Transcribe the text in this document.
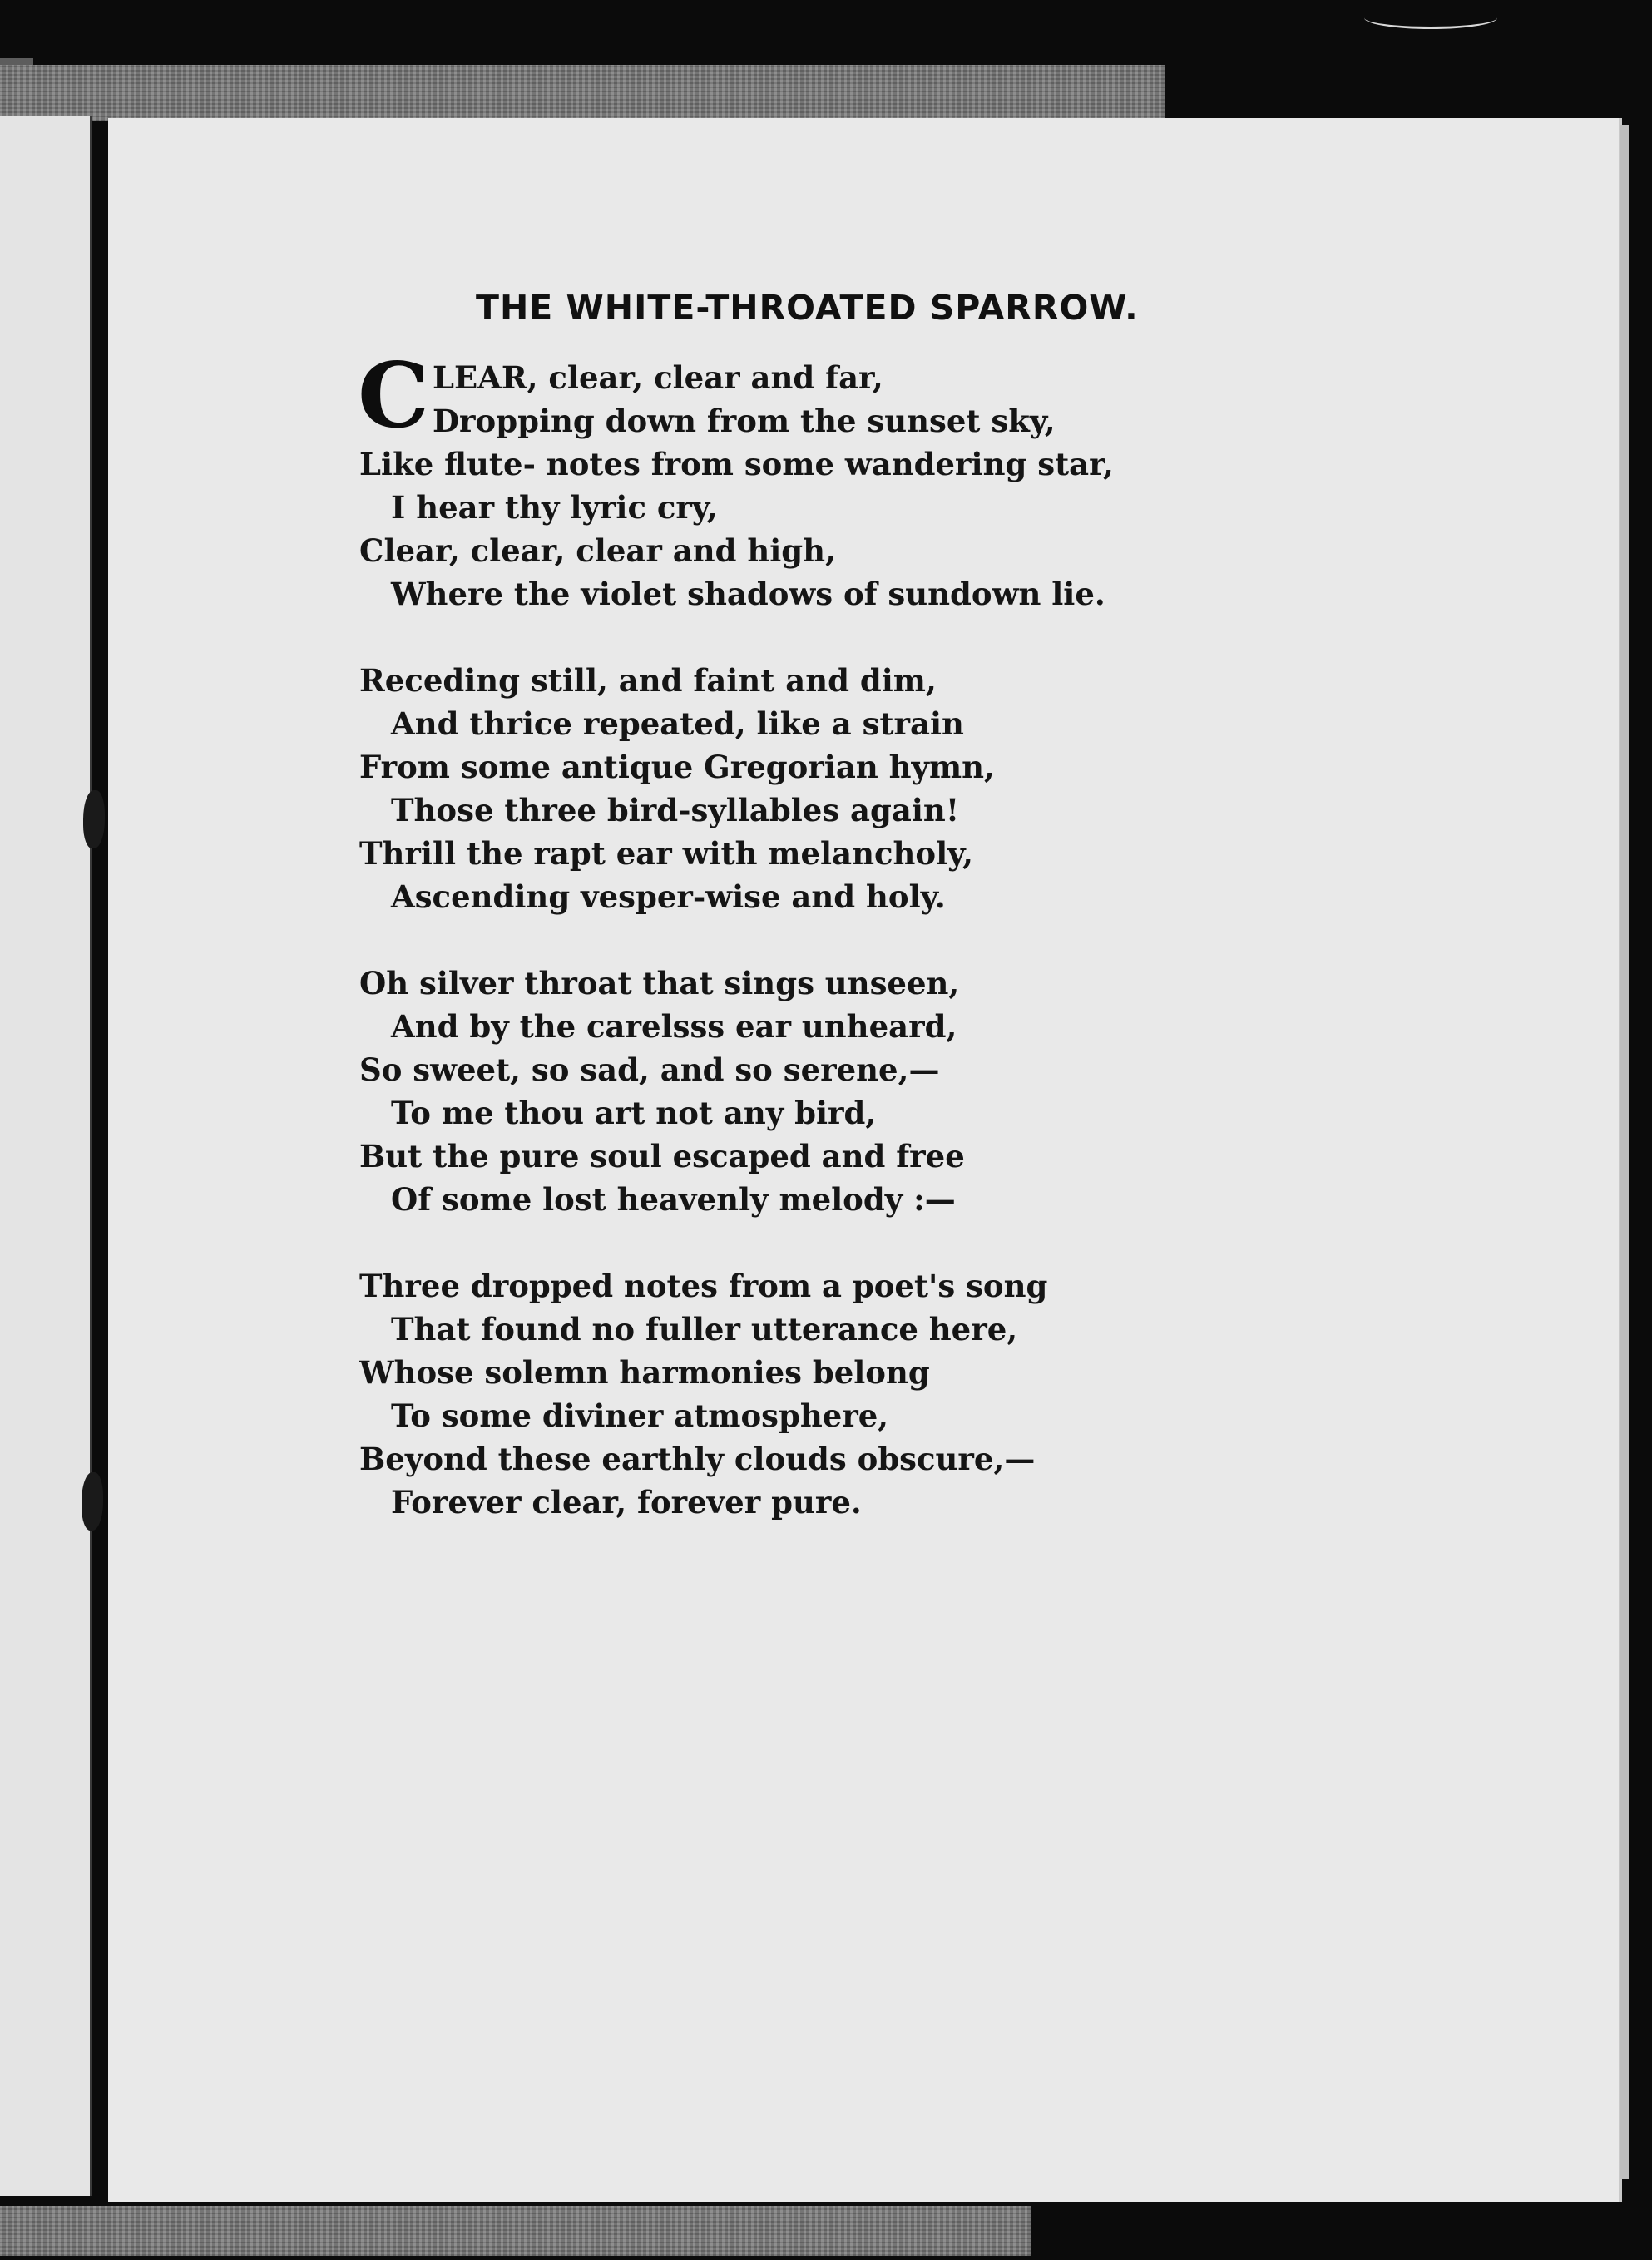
THE WHITE-THROATED SPARROW.
C LEAR, clear, clear and far,
Dropping down from the sunset sky,
Like flute- notes from some wandering star,
I hear thy lyric cry,
Clear, clear, clear and high,
Where the violet shadows of sundown lie.
Receding still, and faint and dim,
And thrice repeated, like a strain
From some antique Gregorian hymn,
Those three bird-syllables again!
Thrill the rapt ear with melancholy,
Ascending vesper-wise and holy.
Oh silver throat that sings unseen,
And by the carelsss ear unheard,
So sweet, so sad, and so serene,—
To me thou art not any bird,
But the pure soul escaped and free
Of some lost heavenly melody :—
Three dropped notes from a poet's song
That found no fuller utterance here,
Whose solemn harmonies belong
To some diviner atmosphere,
Beyond these earthly clouds obscure,—
Forever clear, forever pure.
